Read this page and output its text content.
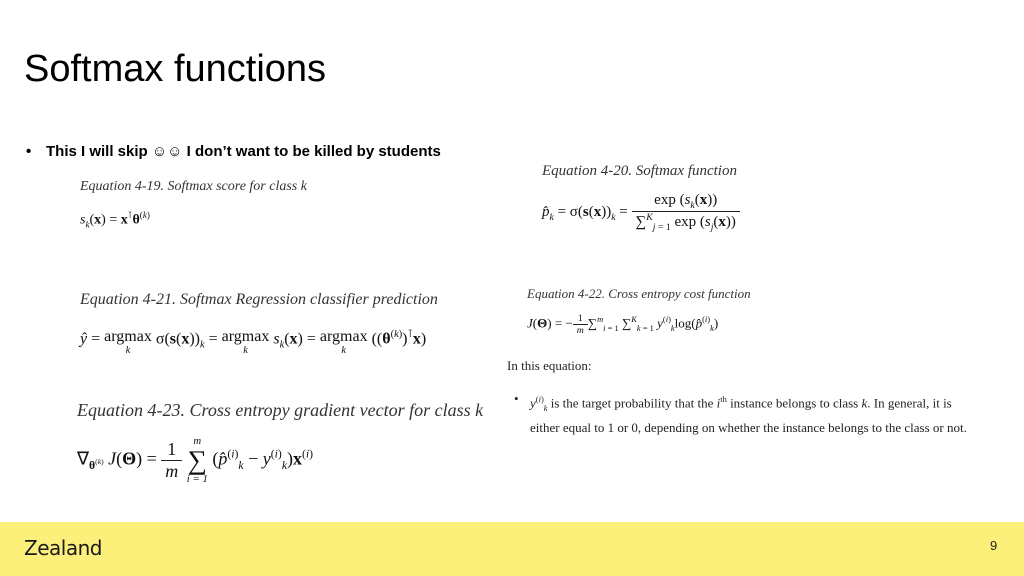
Softmax functions
• This I will skip ☺☺ I don’t want to be killed by students
Equation 4-19. Softmax score for class k
$s_k(x) = x^⊺\theta^{(k)}$
Equation 4-20. Softmax function
$p̂_k = \sigma(s(x))_k = \frac{\exp (s_k(x))}{\sum^K_{j = 1} \exp (s_j(x))}$
Equation 4-21. Softmax Regression classifier prediction
ŷ = argmax
k
$\sigma(s(x))_k = argmax$
k
$s_k(x) = argmax$
k
$((\theta^{(k)})^⊺x)$
Equation 4-22. Cross entropy cost function
J(Θ) = − $\frac{1}{m} \sum^m_{i = 1}$ ∑$^K_{k = 1}$ $y^{(i)}_k\log(p̂^{(i)}_k)$
Equation 4-23. Cross entropy gradient vector for class k
$\nabla_{\theta^{(k)}}$ $J(\Theta) = \frac{1}{m}$
	m
∑
i = 1
(p̂$^{(i)}_k$ − $y^{(i)}_k)x^{(i)}$
In this equation:
• $y^{(i)}_k$ is the target probability that the $i^{th}$ instance belongs to class k. In general, it is either equal to 1 or 0, depending on whether the instance belongs to the class or not.
Zealand	9
